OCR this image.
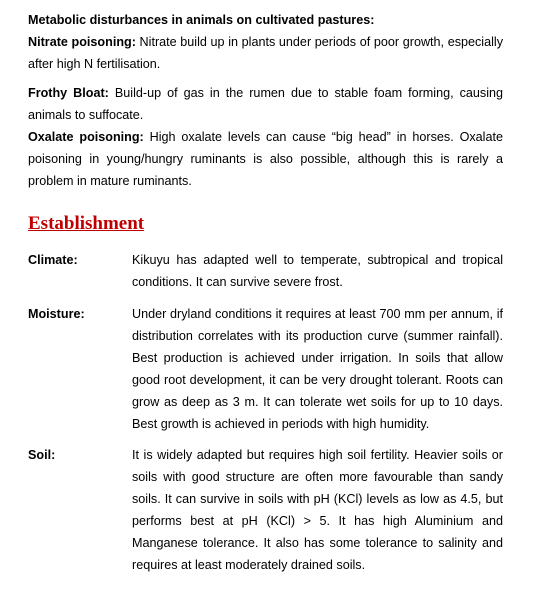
Metabolic disturbances in animals on cultivated pastures:

Nitrate poisoning: Nitrate build up in plants under periods of poor growth, especially after high N fertilisation.

Frothy Bloat: Build-up of gas in the rumen due to stable foam forming, causing animals to suffocate.

Oxalate poisoning: High oxalate levels can cause “big head” in horses. Oxalate poisoning in young/hungry ruminants is also possible, although this is rarely a problem in mature ruminants.

Establishment
Climate:	Kikuyu has adapted well to temperate, subtropical and tropical conditions. It can survive severe frost.
Moisture:	Under dryland conditions it requires at least 700 mm per annum, if distribution correlates with its production curve (summer rainfall). Best production is achieved under irrigation. In soils that allow good root development, it can be very drought tolerant. Roots can grow as deep as 3 m. It can tolerate wet soils for up to 10 days. Best growth is achieved in periods with high humidity.
Soil:	It is widely adapted but requires high soil fertility. Heavier soils or soils with good structure are often more favourable than sandy soils. It can survive in soils with pH (KCl) levels as low as 4.5, but performs best at pH (KCl) > 5. It has high Aluminium and Manganese tolerance. It also has some tolerance to salinity and requires at least moderately drained soils.
